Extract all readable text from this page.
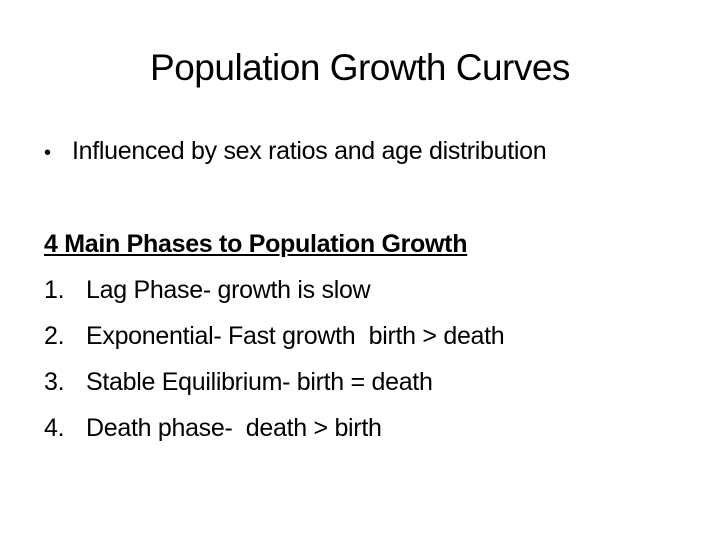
Population Growth Curves
• Influenced by sex ratios and age distribution
4 Main Phases to Population Growth
1. Lag Phase- growth is slow
2. Exponential- Fast growth  birth > death
3. Stable Equilibrium- birth = death
4. Death phase-  death > birth
